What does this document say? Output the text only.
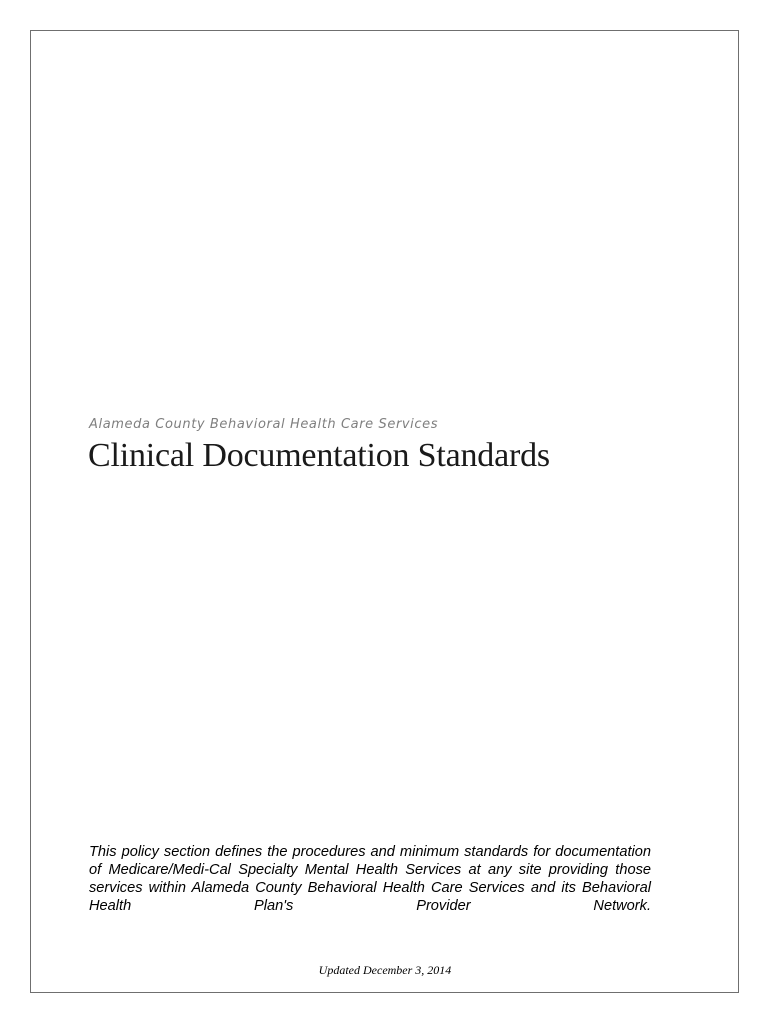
Alameda County Behavioral Health Care Services
Clinical Documentation Standards

This policy section defines the procedures and minimum standards for documentation of Medicare/Medi-Cal Specialty Mental Health Services at any site providing those services within Alameda County Behavioral Health Care Services and its Behavioral Health Plan's Provider Network.

Updated December 3, 2014
